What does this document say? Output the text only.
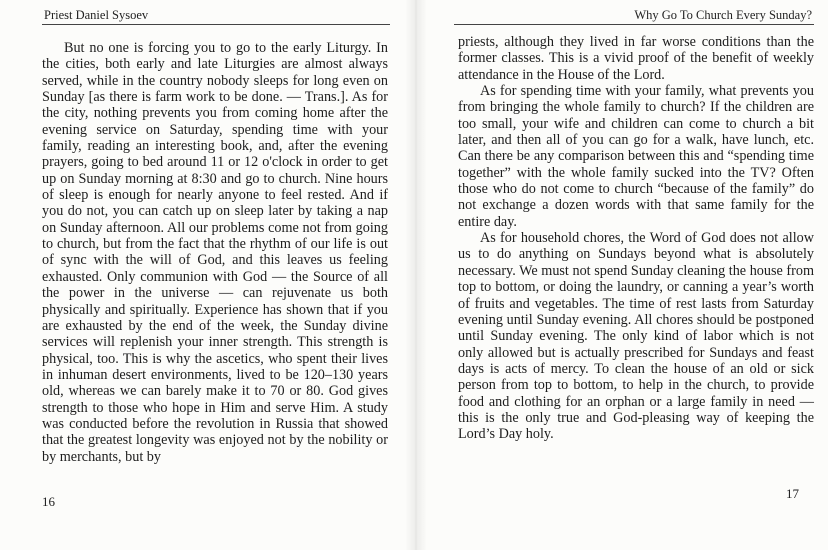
Priest Daniel Sysoev

But no one is forcing you to go to the early Liturgy. In the cities, both early and late Liturgies are almost always served, while in the country nobody sleeps for long even on Sunday [as there is farm work to be done. — Trans.]. As for the city, nothing prevents you from coming home after the evening service on Saturday, spending time with your family, reading an interesting book, and, after the evening prayers, going to bed around 11 or 12 o'clock in order to get up on Sunday morning at 8:30 and go to church. Nine hours of sleep is enough for nearly anyone to feel rested. And if you do not, you can catch up on sleep later by taking a nap on Sunday afternoon. All our problems come not from going to church, but from the fact that the rhythm of our life is out of sync with the will of God, and this leaves us feeling exhausted. Only communion with God — the Source of all the power in the universe — can rejuvenate us both physically and spiritually. Experience has shown that if you are exhausted by the end of the week, the Sunday divine services will replenish your inner strength. This strength is physical, too. This is why the ascetics, who spent their lives in inhuman desert environments, lived to be 120–130 years old, whereas we can barely make it to 70 or 80. God gives strength to those who hope in Him and serve Him. A study was conducted before the revolution in Russia that showed that the greatest longevity was enjoyed not by the nobility or by merchants, but by

16
Why Go To Church Every Sunday?

priests, although they lived in far worse conditions than the former classes. This is a vivid proof of the benefit of weekly attendance in the House of the Lord.

As for spending time with your family, what prevents you from bringing the whole family to church? If the children are too small, your wife and children can come to church a bit later, and then all of you can go for a walk, have lunch, etc. Can there be any comparison between this and “spending time together” with the whole family sucked into the TV? Often those who do not come to church “because of the family” do not exchange a dozen words with that same family for the entire day.

As for household chores, the Word of God does not allow us to do anything on Sundays beyond what is absolutely necessary. We must not spend Sunday cleaning the house from top to bottom, or doing the laundry, or canning a year’s worth of fruits and vegetables. The time of rest lasts from Saturday evening until Sunday evening. All chores should be postponed until Sunday evening. The only kind of labor which is not only allowed but is actually prescribed for Sundays and feast days is acts of mercy. To clean the house of an old or sick person from top to bottom, to help in the church, to provide food and clothing for an orphan or a large family in need — this is the only true and God-pleasing way of keeping the Lord’s Day holy.

17
